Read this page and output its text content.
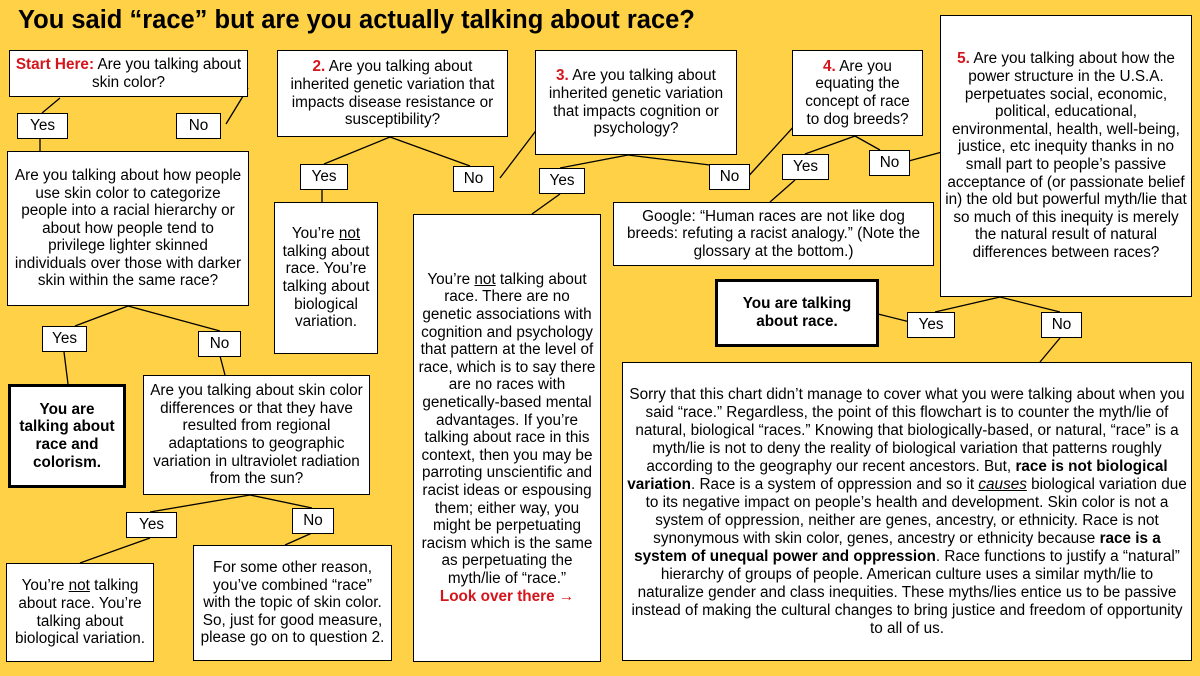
You said “race” but are you actually talking about race?
Start Here: Are you talking about skin color?
Yes	No
Are you talking about how people use skin color to categorize people into a racial hierarchy or about how people tend to privilege lighter skinned individuals over those with darker skin within the same race?
Yes	No
You are talking about race and colorism.
Are you talking about skin color differences or that they have resulted from regional adaptations to geographic variation in ultraviolet radiation from the sun?
Yes	No
You’re not talking about race. You’re talking about biological variation.
For some other reason, you’ve combined “race” with the topic of skin color. So, just for good measure, please go on to question 2.
2. Are you talking about inherited genetic variation that impacts disease resistance or susceptibility?
Yes	No
You’re not talking about race. You’re talking about biological variation.
3. Are you talking about inherited genetic variation that impacts cognition or psychology?
Yes	No
You’re not talking about race. There are no genetic associations with cognition and psychology that pattern at the level of race, which is to say there are no races with genetically-based mental advantages. If you’re talking about race in this context, then you may be parroting unscientific and racist ideas or espousing them; either way, you might be perpetuating racism which is the same as perpetuating the myth/lie of “race.”
Look over there →
4. Are you equating the concept of race to dog breeds?
Yes	No
Google: “Human races are not like dog breeds: refuting a racist analogy.” (Note the glossary at the bottom.)
5. Are you talking about how the power structure in the U.S.A. perpetuates social, economic, political, educational, environmental, health, well-being, justice, etc inequity thanks in no small part to people’s passive acceptance of (or passionate belief in) the old but powerful myth/lie that so much of this inequity is merely the natural result of natural differences between races?
Yes	No
You are talking about race.
Sorry that this chart didn’t manage to cover what you were talking about when you said “race.” Regardless, the point of this flowchart is to counter the myth/lie of natural, biological “races.” Knowing that biologically-based, or natural, “race” is a myth/lie is not to deny the reality of biological variation that patterns roughly according to the geography our recent ancestors. But, race is not biological variation. Race is a system of oppression and so it causes biological variation due to its negative impact on people’s health and development. Skin color is not a system of oppression, neither are genes, ancestry, or ethnicity. Race is not synonymous with skin color, genes, ancestry or ethnicity because race is a system of unequal power and oppression. Race functions to justify a “natural” hierarchy of groups of people. American culture uses a similar myth/lie to naturalize gender and class inequities. These myths/lies entice us to be passive instead of making the cultural changes to bring justice and freedom of opportunity to all of us.
